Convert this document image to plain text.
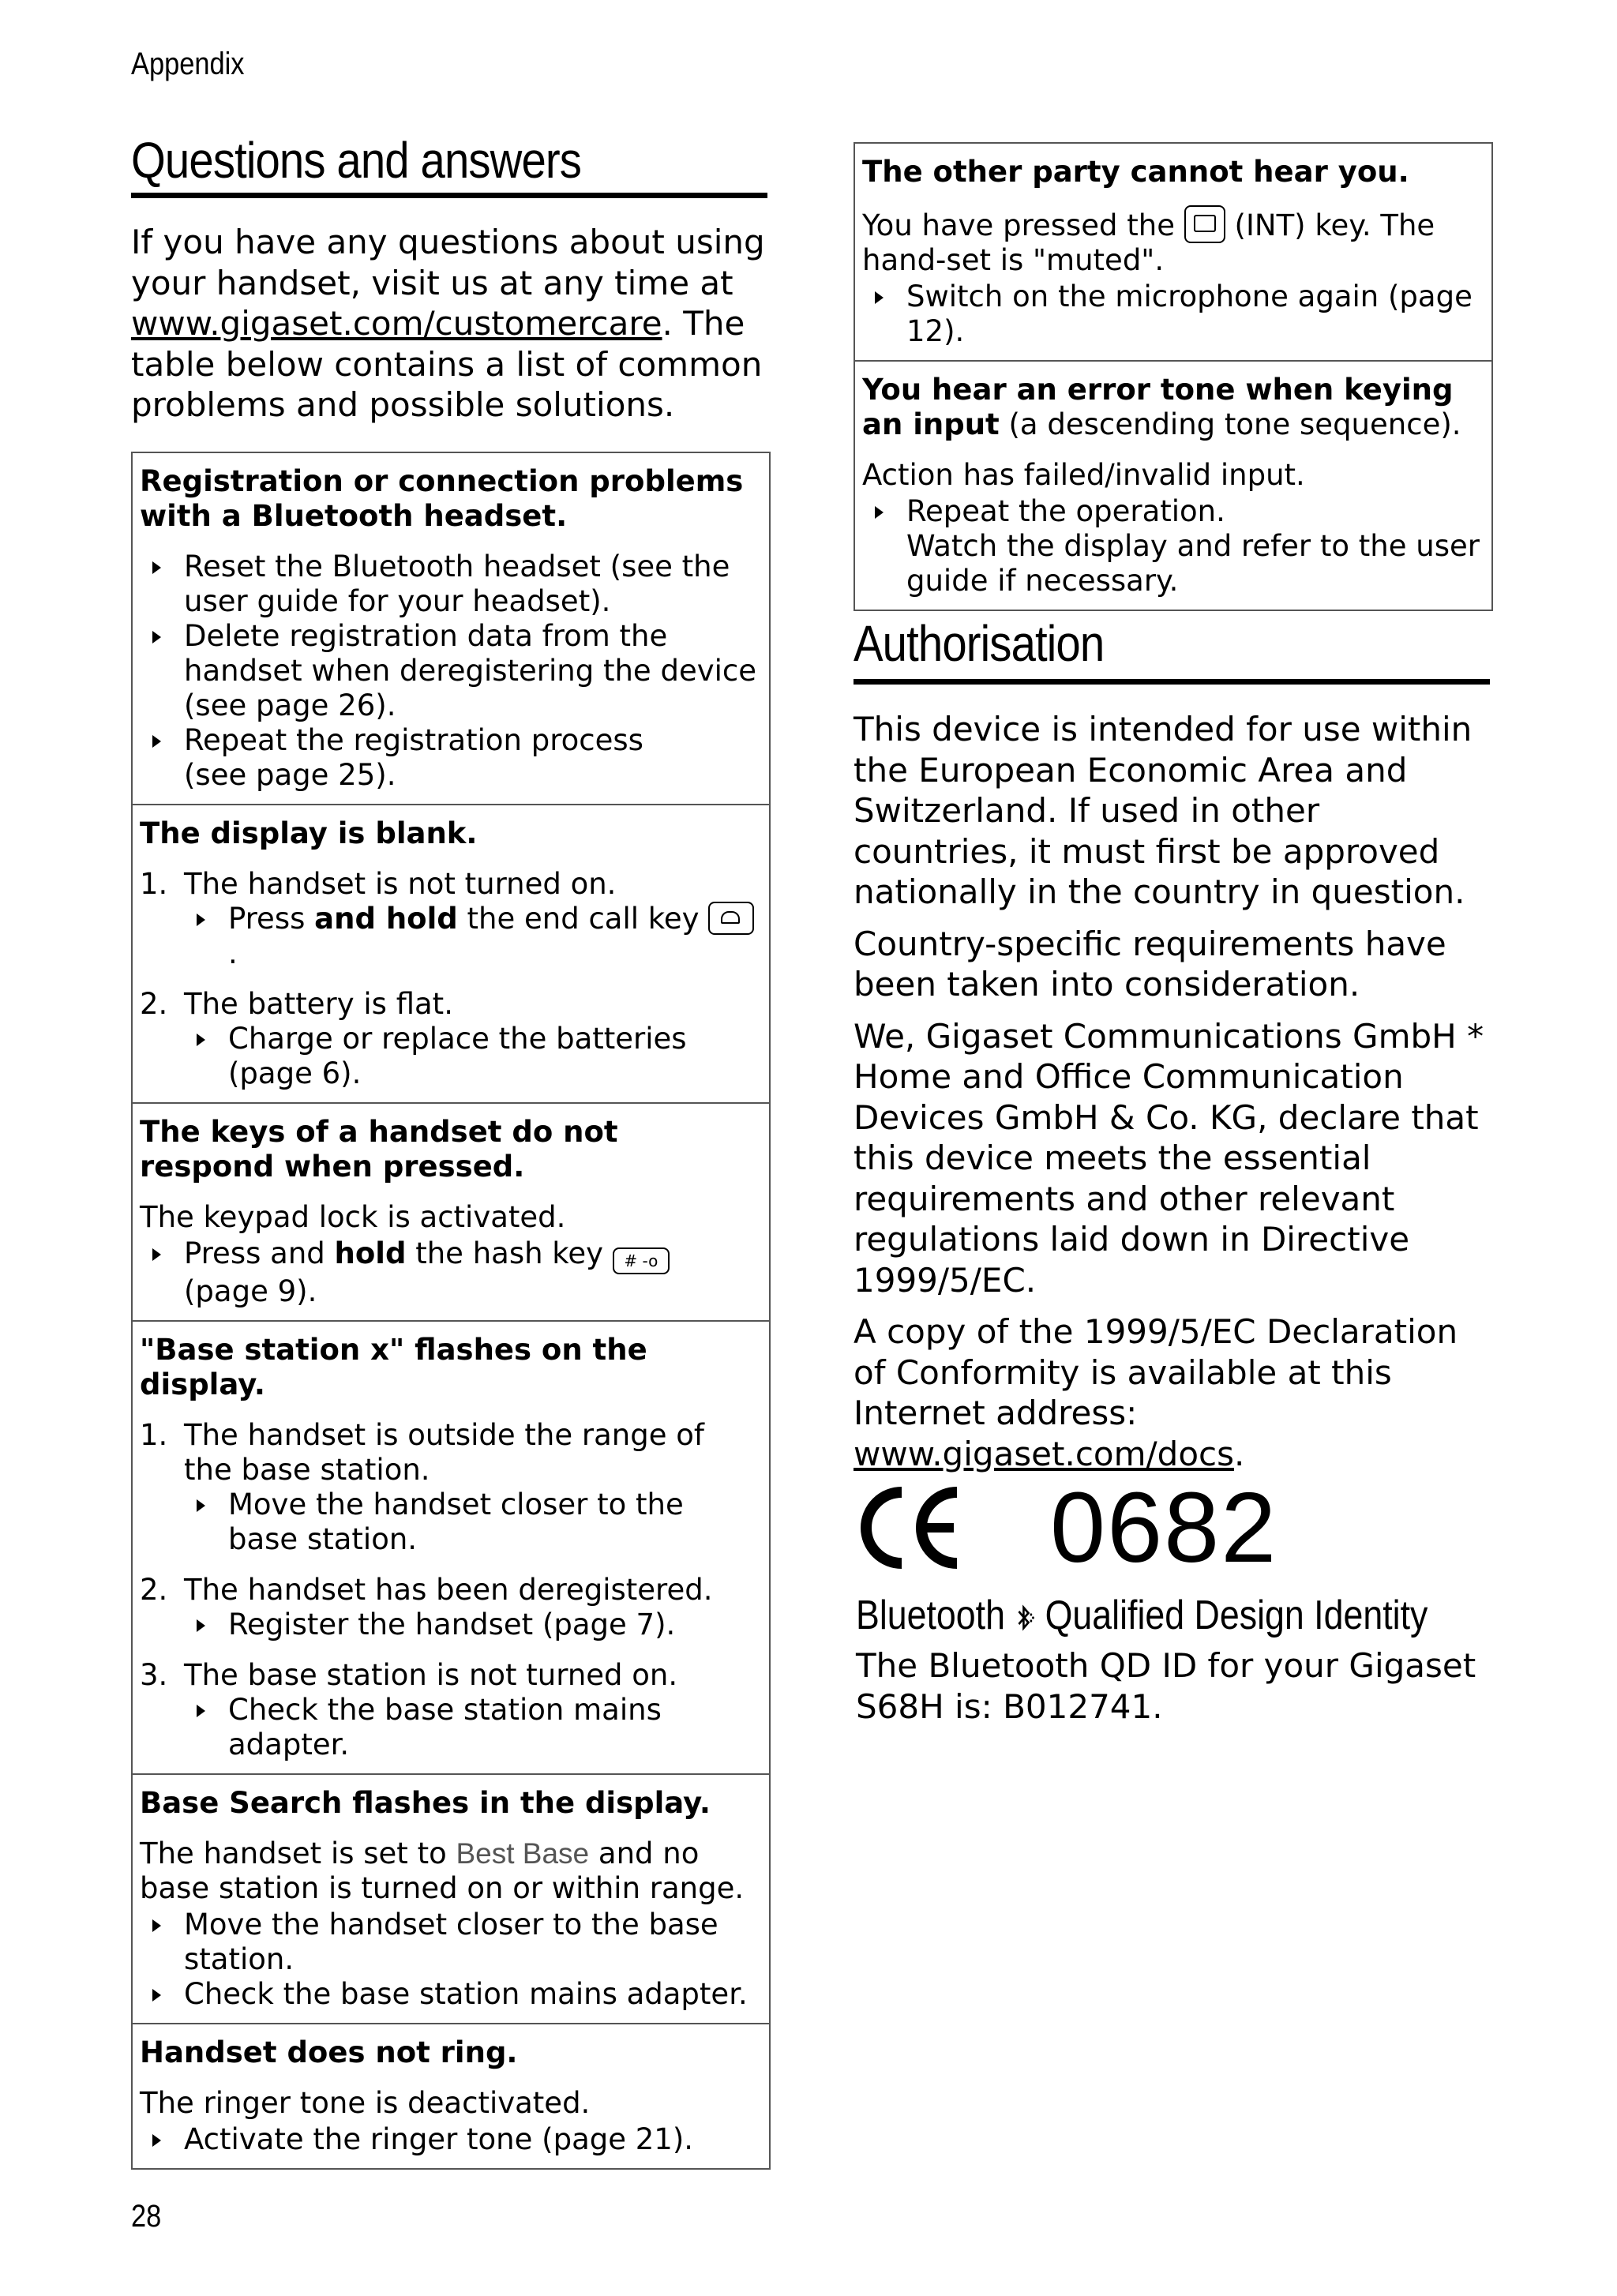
Appendix
Questions and answers
If you have any questions about using your handset, visit us at any time at www.gigaset.com/customercare. The table below contains a list of common problems and possible solutions.
Registration or connection problems with a Bluetooth headset.
Reset the Bluetooth headset (see the user guide for your headset).
Delete registration data from the handset when deregistering the device
(see page 26).
Repeat the registration process
(see page 25).
The display is blank.
1. The handset is not turned on.
Press and hold the end call key .
2. The battery is flat.
Charge or replace the batteries (page 6).
The keys of a handset do not respond when pressed.

The keypad lock is activated.

Press and hold the hash key # -o (page 9).
"Base station x" flashes on the display.
1. The handset is outside the range of the base station.
Move the handset closer to the base station.
2. The handset has been deregistered.
Register the handset (page 7).
3. The base station is not turned on.
Check the base station mains adapter.
Base Search flashes in the display.

The handset is set to Best Base and no base station is turned on or within range.

Move the handset closer to the base station.
Check the base station mains adapter.
Handset does not ring.

The ringer tone is deactivated.

Activate the ringer tone (page 21).
The other party cannot hear you.

You have pressed the  (INT) key. The hand-set is "muted".

Switch on the microphone again (page 12).
You hear an error tone when keying an input (a descending tone sequence).

Action has failed/invalid input.

Repeat the operation.
Watch the display and refer to the user guide if necessary.
Authorisation

This device is intended for use within the European Economic Area and Switzerland. If used in other countries, it must first be approved nationally in the country in question.

Country-specific requirements have been taken into consideration.

We, Gigaset Communications GmbH * Home and Office Communication Devices GmbH & Co. KG, declare that this device meets the essential requirements and other relevant regulations laid down in Directive 1999/5/EC.

A copy of the 1999/5/EC Declaration of Conformity is available at this Internet address:
www.gigaset.com/docs.

0682
Bluetooth Qualified Design Identity
The Bluetooth QD ID for your Gigaset S68H is: B012741.
28
